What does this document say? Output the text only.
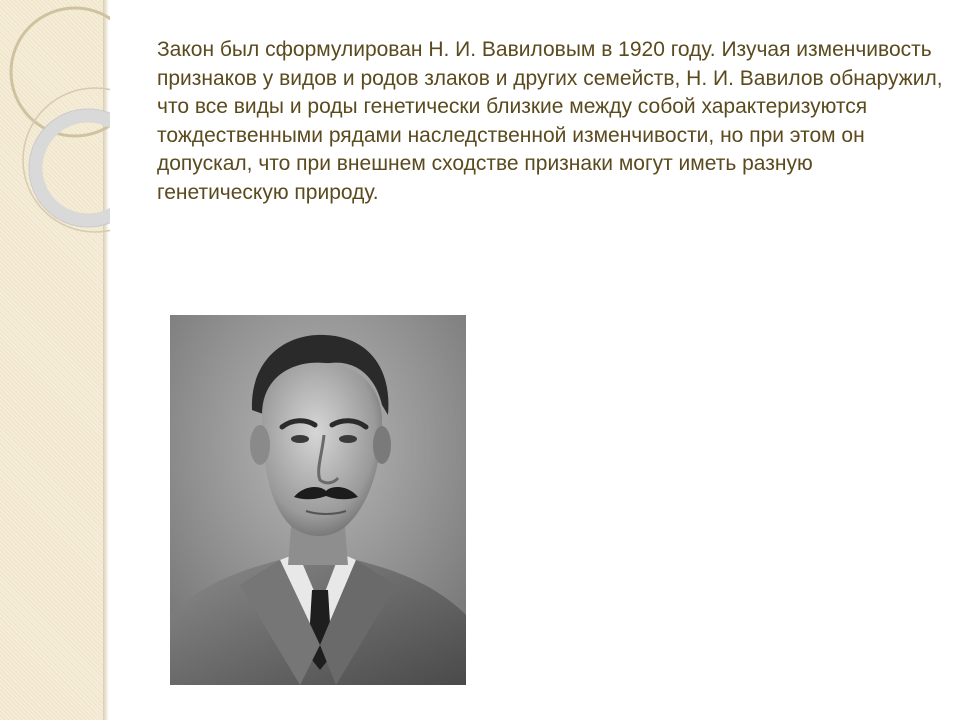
Закон был сформулирован Н. И. Вавиловым в 1920 году. Изучая изменчивость признаков у видов и родов злаков и других семейств, Н. И. Вавилов обнаружил, что все виды и роды генетически близкие между собой характеризуются тождественными рядами наследственной изменчивости, но при этом он допускал, что при внешнем сходстве признаки могут иметь разную генетическую природу.
